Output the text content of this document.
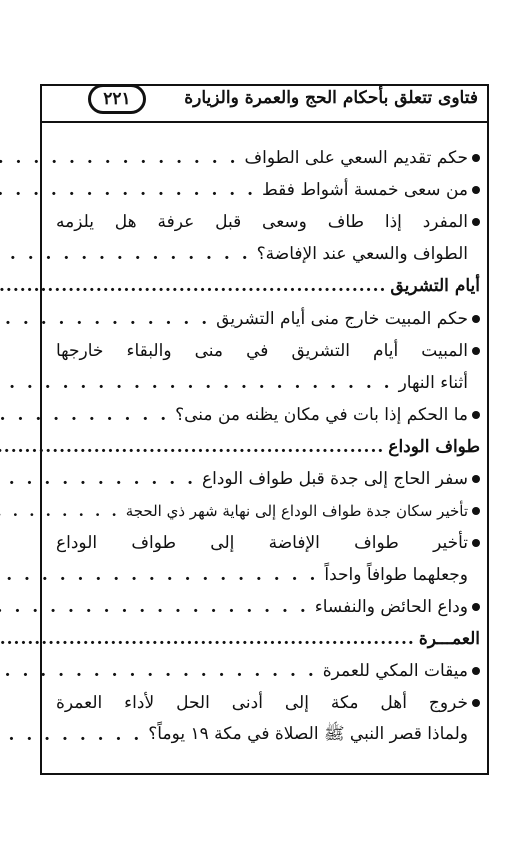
٢٢١	فتاوى تتعلق بأحكام الحج والعمرة والزيارة
حكم تقديم السعي على الطواف
. . .
من سعى خمسة أشواط فقط
. . .
المفرد إذا طاف وسعى قبل عرفة هل يلزمه
الطواف والسعي عند الإفاضة؟
. . .
أيام التشريق
.....
حكم المبيت خارج منى أيام التشريق
. . .
المبيت أيام التشريق في منى والبقاء خارجها
أثناء النهار
. . .
ما الحكم إذا بات في مكان يظنه من منى؟
. . .
طواف الوداع
.....
سفر الحاج إلى جدة قبل طواف الوداع
. . .
تأخير سكان جدة طواف الوداع إلى نهاية شهر ذي الحجة
. . .
تأخير طواف الإفاضة إلى طواف الوداع
وجعلهما طوافاً واحداً
. . .
وداع الحائض والنفساء
. . .
العمـــرة
.....
ميقات المكي للعمرة
. . .
خروج أهل مكة إلى أدنى الحل لأداء العمرة
ولماذا قصر النبي ﷺ الصلاة في مكة ١٩ يوماً؟
. . .
